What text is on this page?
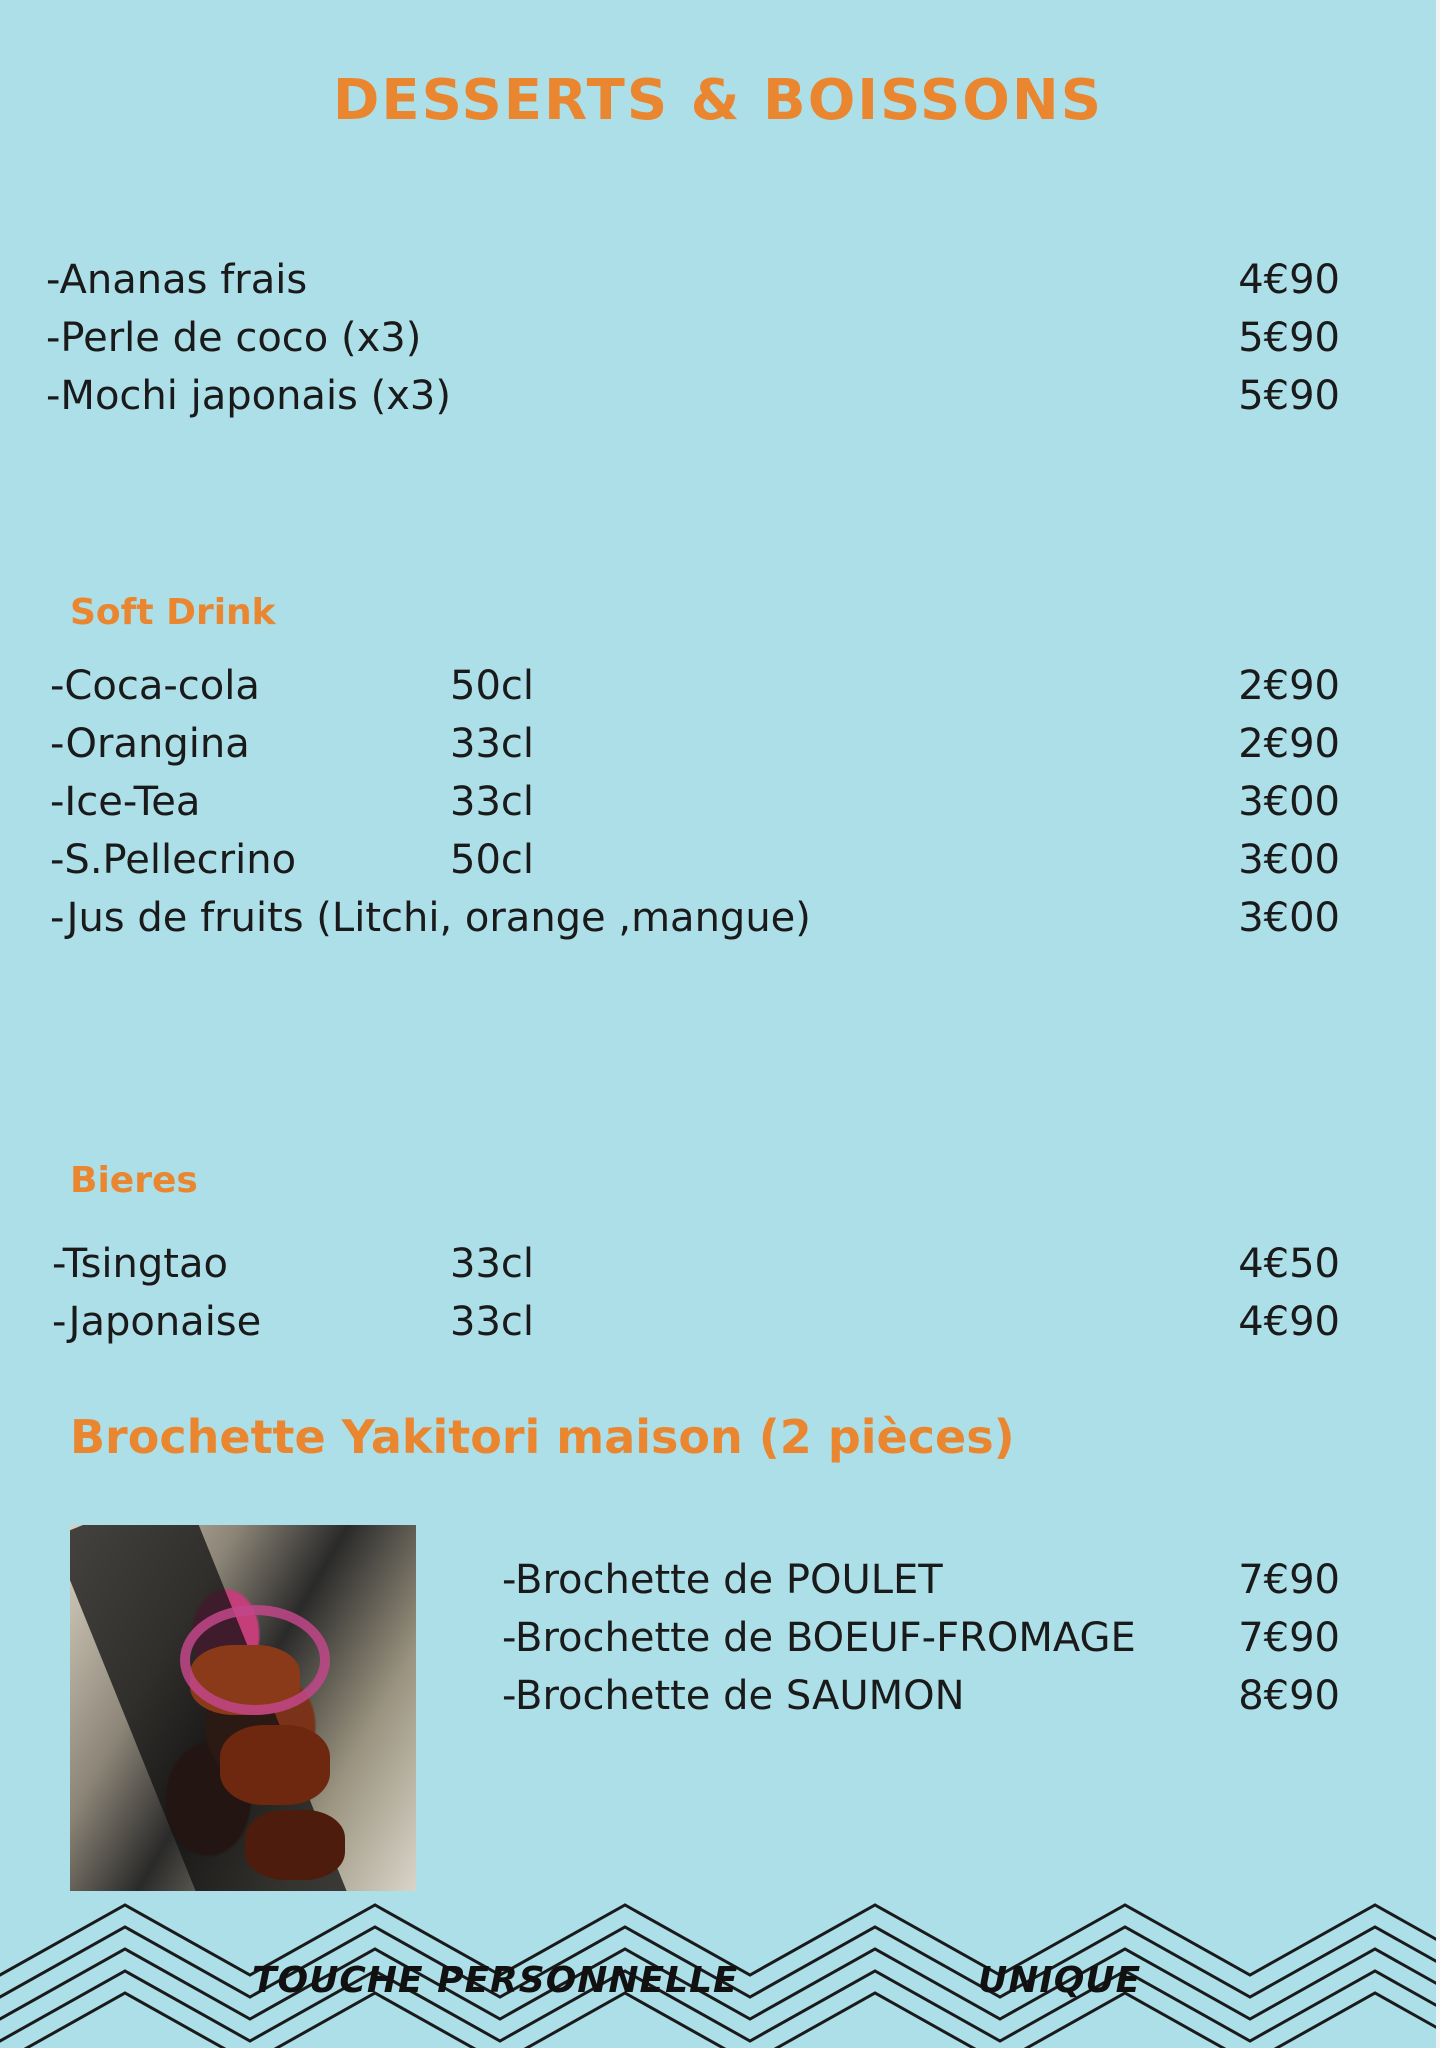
DESSERTS & BOISSONS
-Ananas frais	4€90
-Perle de coco (x3)	5€90
-Mochi japonais (x3)	5€90
Soft Drink
-Coca-cola	50cl	2€90
-Orangina	33cl	2€90
-Ice-Tea	33cl	3€00
-S.Pellecrino	50cl	3€00
-Jus de fruits (Litchi, orange ,mangue)	3€00
Bieres
-Tsingtao	33cl	4€50
-Japonaise	33cl	4€90
Brochette Yakitori maison (2 pièces)
-Brochette de POULET	7€90
-Brochette de BOEUF-FROMAGE	7€90
-Brochette de SAUMON	8€90
TOUCHE PERSONNELLE	UNIQUE
